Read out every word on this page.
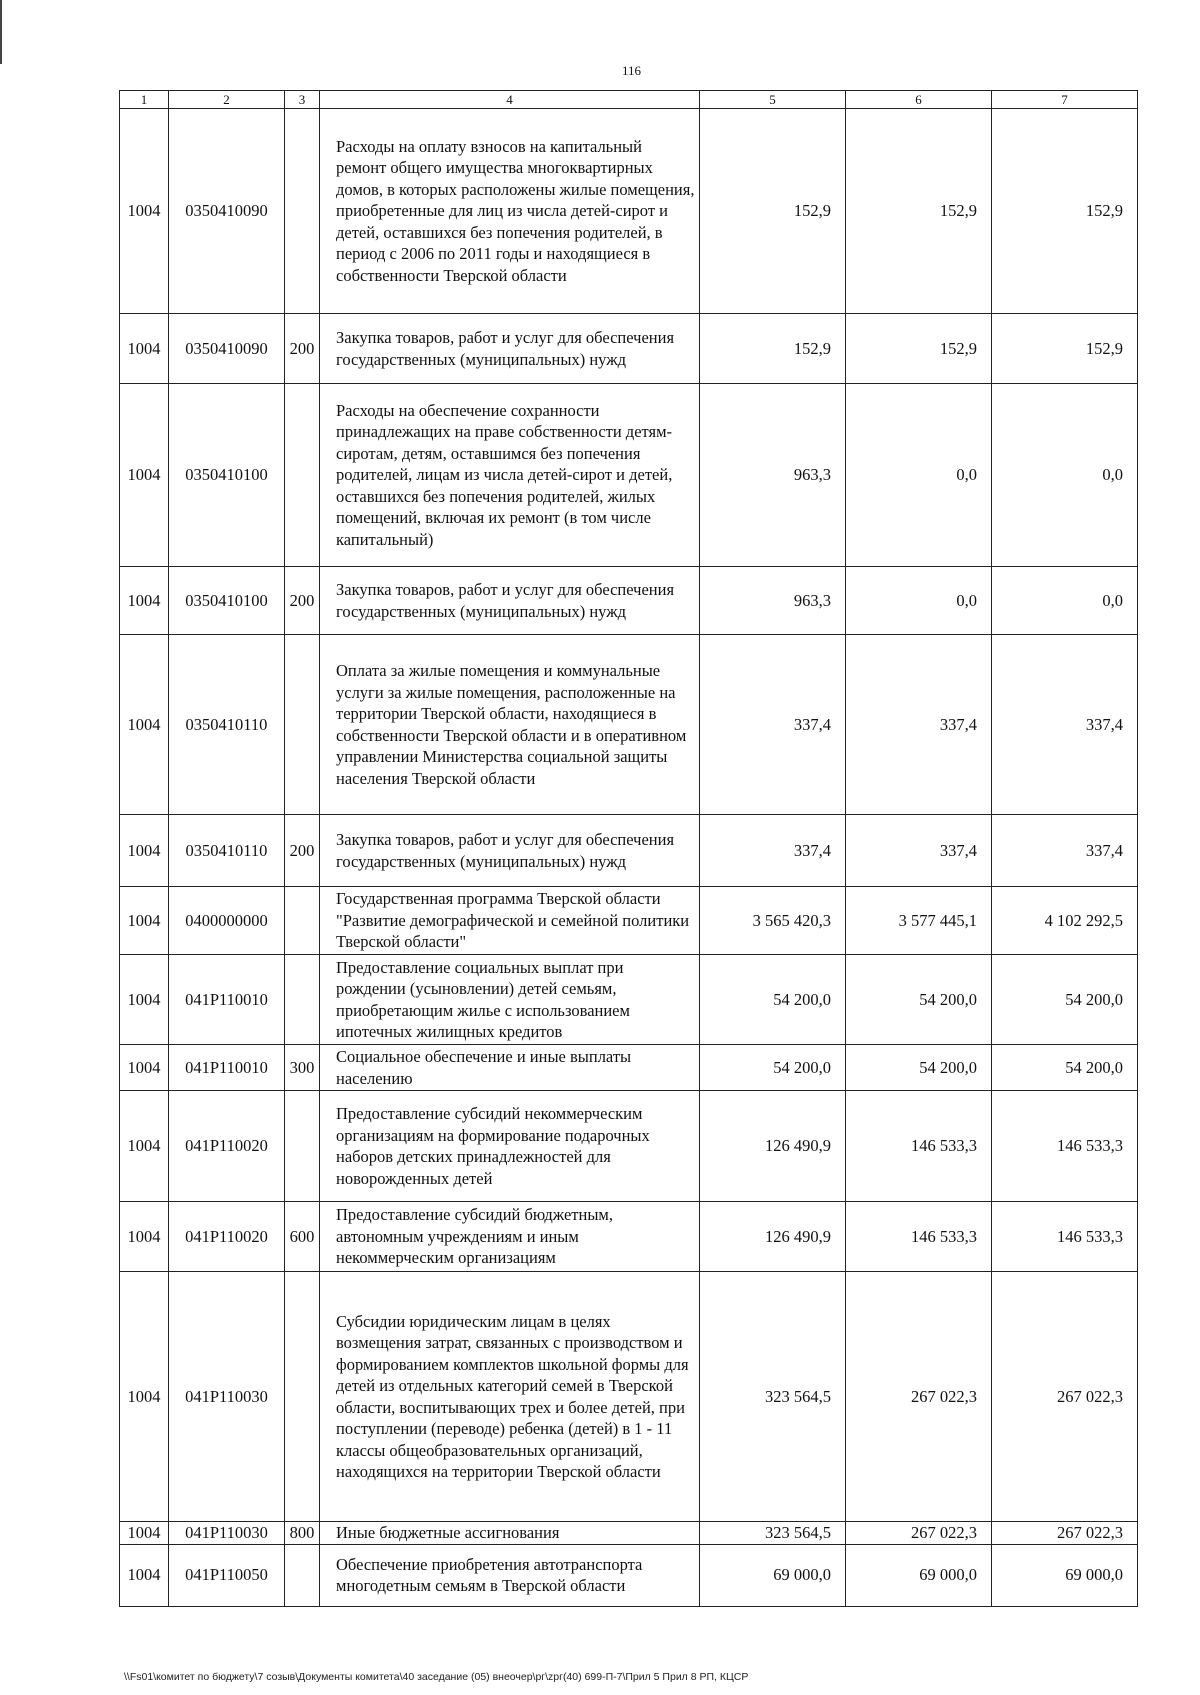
116
1	2	3	4	5	6	7
1004	0350410090		Расходы на оплату взносов на капитальный ремонт общего имущества многоквартирных домов, в которых расположены жилые помещения, приобретенные для лиц из числа детей-сирот и детей, оставшихся без попечения родителей, в период с 2006 по 2011 годы и находящиеся в собственности Тверской области	152,9	152,9	152,9
1004	0350410090	200	Закупка товаров, работ и услуг для обеспечения государственных (муниципальных) нужд	152,9	152,9	152,9
1004	0350410100		Расходы на обеспечение сохранности принадлежащих на праве собственности детям-сиротам, детям, оставшимся без попечения родителей, лицам из числа детей-сирот и детей, оставшихся без попечения родителей, жилых помещений, включая их ремонт (в том числе капитальный)	963,3	0,0	0,0
1004	0350410100	200	Закупка товаров, работ и услуг для обеспечения государственных (муниципальных) нужд	963,3	0,0	0,0
1004	0350410110		Оплата за жилые помещения и коммунальные услуги за жилые помещения, расположенные на территории Тверской области, находящиеся в собственности Тверской области и в оперативном управлении Министерства социальной защиты населения Тверской области	337,4	337,4	337,4
1004	0350410110	200	Закупка товаров, работ и услуг для обеспечения государственных (муниципальных) нужд	337,4	337,4	337,4
1004	0400000000		Государственная программа Тверской области "Развитие демографической и семейной политики Тверской области"	3 565 420,3	3 577 445,1	4 102 292,5
1004	041P110010		Предоставление социальных выплат при рождении (усыновлении) детей семьям, приобретающим жилье с использованием ипотечных жилищных кредитов	54 200,0	54 200,0	54 200,0
1004	041P110010	300	Социальное обеспечение и иные выплаты населению	54 200,0	54 200,0	54 200,0
1004	041P110020		Предоставление субсидий некоммерческим организациям на формирование подарочных наборов детских принадлежностей для новорожденных детей	126 490,9	146 533,3	146 533,3
1004	041P110020	600	Предоставление субсидий бюджетным, автономным учреждениям и иным некоммерческим организациям	126 490,9	146 533,3	146 533,3
1004	041P110030		Субсидии юридическим лицам в целях возмещения затрат, связанных с производством и формированием комплектов школьной формы для детей из отдельных категорий семей в Тверской области, воспитывающих трех и более детей, при поступлении (переводе) ребенка (детей) в 1 - 11 классы общеобразовательных организаций, находящихся на территории Тверской области	323 564,5	267 022,3	267 022,3
1004	041P110030	800	Иные бюджетные ассигнования	323 564,5	267 022,3	267 022,3
1004	041P110050		Обеспечение приобретения автотранспорта многодетным семьям в Тверской области	69 000,0	69 000,0	69 000,0
\\Fs01\комитет по бюджету\7 созыв\Документы комитета\40 заседание (05) внеочер\рг\zрг(40) 699-П-7\Прил 5 Прил 8 РП, КЦСР
